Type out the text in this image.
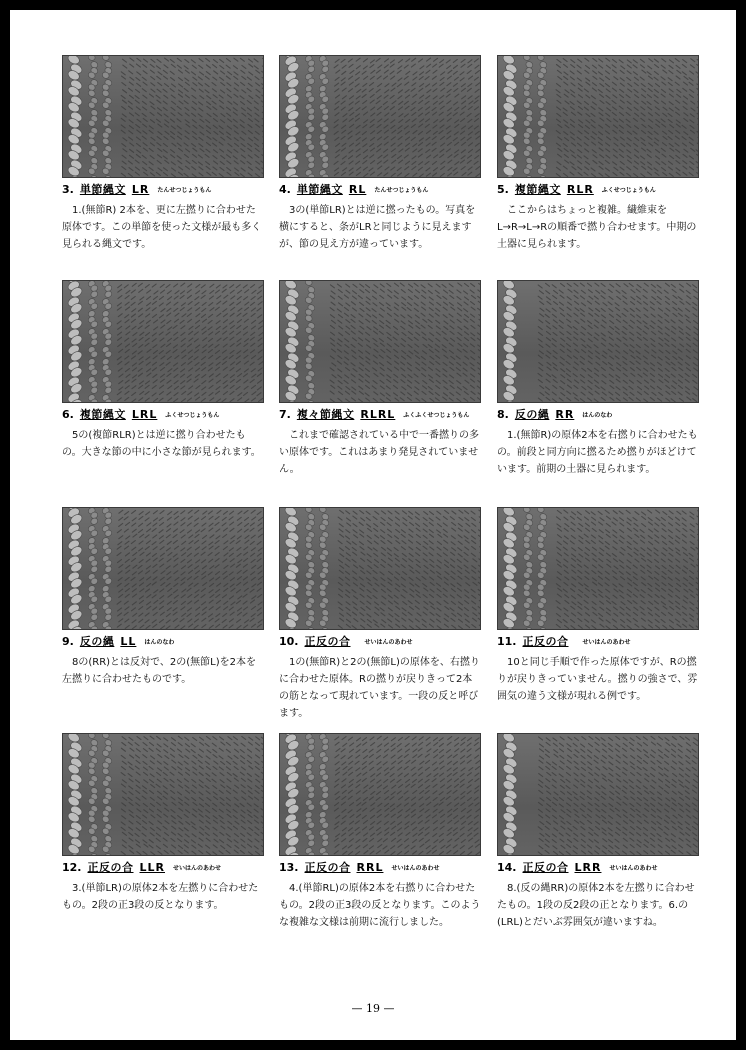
3. 単節縄文 LR たんせつじょうもん
1.(無節R) 2本を、更に左撚りに合わせた原体です。この単節を使った文様が最も多く見られる縄文です。
4. 単節縄文 RL たんせつじょうもん
3の(単節LR)とは逆に撚ったもの。写真を横にすると、条がLRと同じように見えますが、節の見え方が違っています。
5. 複節縄文 RLR ふくせつじょうもん
ここからはちょっと複雑。繊維束をL→R→L→Rの順番で撚り合わせます。中期の土器に見られます。
6. 複節縄文 LRL ふくせつじょうもん
5の(複節RLR)とは逆に撚り合わせたもの。大きな節の中に小さな節が見られます。
7. 複々節縄文 RLRL ふくふくせつじょうもん
これまで確認されている中で一番撚りの多い原体です。これはあまり発見されていません。
8. 反の縄 RR はんのなわ
1.(無節R)の原体2本を右撚りに合わせたもの。前段と同方向に撚るため撚りがほどけています。前期の土器に見られます。
9. 反の縄 LL はんのなわ
8の(RR)とは反対で、2の(無節L)を2本を左撚りに合わせたものです。
10. 正反の合 せいはんのあわせ
1の(無節R)と2の(無節L)の原体を、右撚りに合わせた原体。Rの撚りが戻りきって2本の筋となって現れています。一段の反と呼びます。
11. 正反の合 せいはんのあわせ
10と同じ手順で作った原体ですが、Rの撚りが戻りきっていません。撚りの強さで、雰囲気の違う文様が現れる例です。
12. 正反の合 LLR せいはんのあわせ
3.(単節LR)の原体2本を左撚りに合わせたもの。2段の正3段の反となります。
13. 正反の合 RRL せいはんのあわせ
4.(単節RL)の原体2本を右撚りに合わせたもの。2段の正3段の反となります。このような複雑な文様は前期に流行しました。
14. 正反の合 LRR せいはんのあわせ
8.(反の縄RR)の原体2本を左撚りに合わせたもの。1段の反2段の正となります。6.の(LRL)とだいぶ雰囲気が違いますね。
— 19 —
